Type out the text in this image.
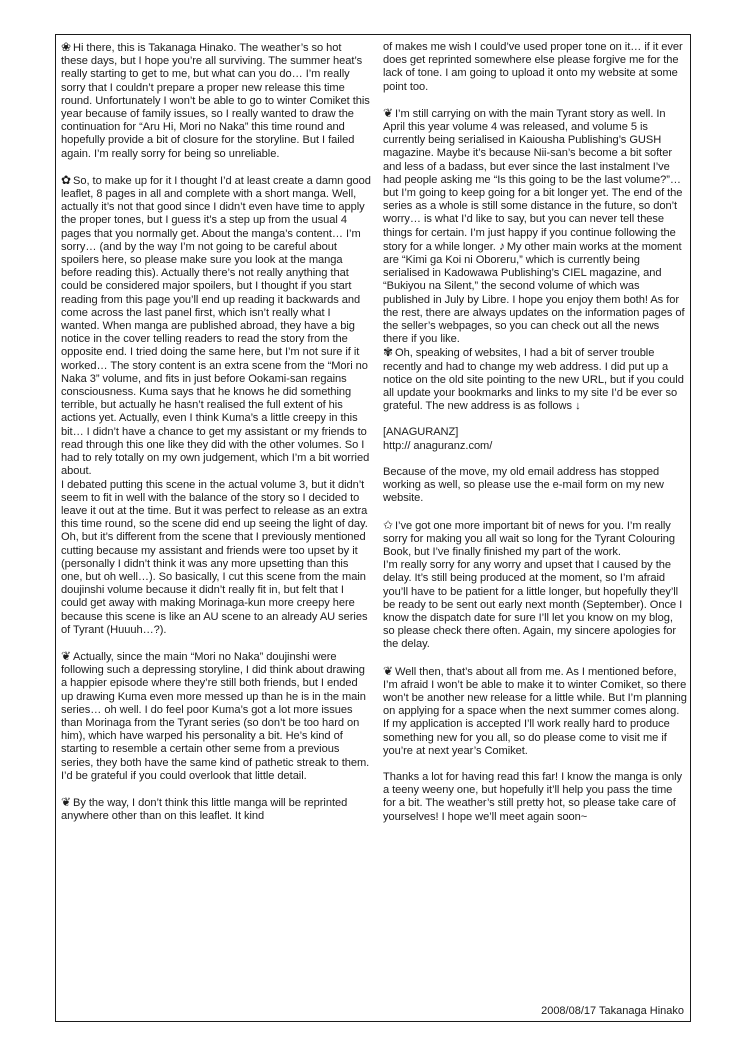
❀ Hi there, this is Takanaga Hinako. The weather’s so hot these days, but I hope you’re all surviving. The summer heat’s really starting to get to me, but what can you do… I’m really sorry that I couldn’t prepare a proper new release this time round. Unfortunately I won’t be able to go to winter Comiket this year because of family issues, so I really wanted to draw the continuation for “Aru Hi, Mori no Naka” this time round and hopefully provide a bit of closure for the storyline. But I failed again. I’m really sorry for being so unreliable.

✿ So, to make up for it I thought I’d at least create a damn good leaflet, 8 pages in all and complete with a short manga. Well, actually it’s not that good since I didn’t even have time to apply the proper tones, but I guess it’s a step up from the usual 4 pages that you normally get. About the manga’s content… I’m sorry… (and by the way I’m not going to be careful about spoilers here, so please make sure you look at the manga before reading this). Actually there’s not really anything that could be considered major spoilers, but I thought if you start reading from this page you’ll end up reading it backwards and come across the last panel first, which isn’t really what I wanted. When manga are published abroad, they have a big notice in the cover telling readers to read the story from the opposite end. I tried doing the same here, but I’m not sure if it worked… The story content is an extra scene from the “Mori no Naka 3” volume, and fits in just before Ookami-san regains consciousness. Kuma says that he knows he did something terrible, but actually he hasn’t realised the full extent of his actions yet. Actually, even I think Kuma’s a little creepy in this bit… I didn’t have a chance to get my assistant or my friends to read through this one like they did with the other volumes. So I had to rely totally on my own judgement, which I’m a bit worried about.

I debated putting this scene in the actual volume 3, but it didn’t seem to fit in well with the balance of the story so I decided to leave it out at the time. But it was perfect to release as an extra this time round, so the scene did end up seeing the light of day. Oh, but it’s different from the scene that I previously mentioned cutting because my assistant and friends were too upset by it (personally I didn’t think it was any more upsetting than this one, but oh well…). So basically, I cut this scene from the main doujinshi volume because it didn’t really fit in, but felt that I could get away with making Morinaga-kun more creepy here because this scene is like an AU scene to an already AU series of Tyrant (Huuuh…?).

❦ Actually, since the main “Mori no Naka” doujinshi were following such a depressing storyline, I did think about drawing a happier episode where they’re still both friends, but I ended up drawing Kuma even more messed up than he is in the main series… oh well. I do feel poor Kuma’s got a lot more issues than Morinaga from the Tyrant series (so don’t be too hard on him), which have warped his personality a bit. He’s kind of starting to resemble a certain other seme from a previous series, they both have the same kind of pathetic streak to them. I’d be grateful if you could overlook that little detail.

❦ By the way, I don’t think this little manga will be reprinted anywhere other than on this leaflet. It kind

of makes me wish I could’ve used proper tone on it… if it ever does get reprinted somewhere else please forgive me for the lack of tone. I am going to upload it onto my website at some point too.

❦ I’m still carrying on with the main Tyrant story as well. In April this year volume 4 was released, and volume 5 is currently being serialised in Kaiousha Publishing’s GUSH magazine. Maybe it’s because Nii-san’s become a bit softer and less of a badass, but ever since the last instalment I’ve had people asking me “Is this going to be the last volume?”… but I’m going to keep going for a bit longer yet. The end of the series as a whole is still some distance in the future, so don’t worry… is what I’d like to say, but you can never tell these things for certain. I’m just happy if you continue following the story for a while longer. ♪ My other main works at the moment are “Kimi ga Koi ni Oboreru,” which is currently being serialised in Kadowawa Publishing’s CIEL magazine, and “Bukiyou na Silent,” the second volume of which was published in July by Libre. I hope you enjoy them both! As for the rest, there are always updates on the information pages of the seller’s webpages, so you can check out all the news there if you like.

✾ Oh, speaking of websites, I had a bit of server trouble recently and had to change my web address. I did put up a notice on the old site pointing to the new URL, but if you could all update your bookmarks and links to my site I’d be ever so grateful. The new address is as follows ↓

[ANAGURANZ]
http:// anaguranz.com/

Because of the move, my old email address has stopped working as well, so please use the e-mail form on my new website.

✩ I’ve got one more important bit of news for you. I’m really sorry for making you all wait so long for the Tyrant Colouring Book, but I’ve finally finished my part of the work.

I’m really sorry for any worry and upset that I caused by the delay. It’s still being produced at the moment, so I’m afraid you’ll have to be patient for a little longer, but hopefully they’ll be ready to be sent out early next month (September). Once I know the dispatch date for sure I’ll let you know on my blog, so please check there often. Again, my sincere apologies for the delay.

❦ Well then, that’s about all from me. As I mentioned before, I’m afraid I won’t be able to make it to winter Comiket, so there won’t be another new release for a little while. But I’m planning on applying for a space when the next summer comes along. If my application is accepted I’ll work really hard to produce something new for you all, so do please come to visit me if you’re at next year’s Comiket.

Thanks a lot for having read this far! I know the manga is only a teeny weeny one, but hopefully it’ll help you pass the time for a bit. The weather’s still pretty hot, so please take care of yourselves! I hope we’ll meet again soon~

2008/08/17 Takanaga Hinako
